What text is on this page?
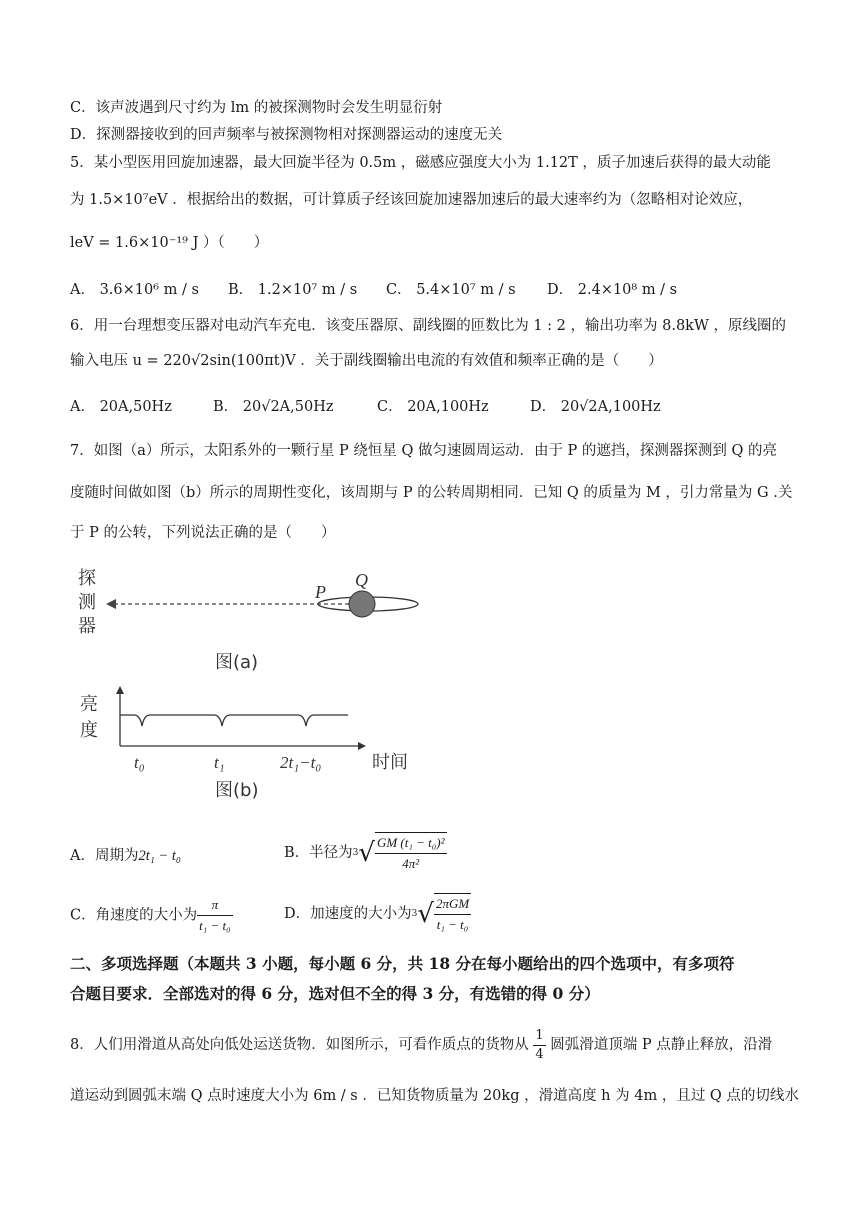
C．该声波遇到尺寸约为 lm 的被探测物时会发生明显衍射
D．探测器接收到的回声频率与被探测物相对探测器运动的速度无关
5．某小型医用回旋加速器，最大回旋半径为 0.5m ，磁感应强度大小为 1.12T ，质子加速后获得的最大动能
为 1.5×10⁷eV ．根据给出的数据，可计算质子经该回旋加速器加速后的最大速率约为（忽略相对论效应，
leV = 1.6×10⁻¹⁹ J ）（　　）
A． 3.6×10⁶ m / s B． 1.2×10⁷ m / s C． 5.4×10⁷ m / s D． 2.4×10⁸ m / s
6．用一台理想变压器对电动汽车充电．该变压器原、副线圈的匝数比为 1 : 2 ，输出功率为 8.8kW ，原线圈的
输入电压 u = 220√2sin(100πt)V ．关于副线圈输出电流的有效值和频率正确的是（　　）
A． 20A,50Hz	B． 20√2A,50Hz	C． 20A,100Hz	D． 20√2A,100Hz
7．如图（a）所示，太阳系外的一颗行星 P 绕恒星 Q 做匀速圆周运动．由于 P 的遮挡，探测器探测到 Q 的亮
度随时间做如图（b）所示的周期性变化，该周期与 P 的公转周期相同．已知 Q 的质量为 M ，引力常量为 G .关
于 P 的公转，下列说法正确的是（　　）
探
测
器
P
Q
图(a)
亮
度
t₀	t₁	2t₁−t₀	时间
图(b)
A．周期为2t₁ − t₀	B．半径为$3√ \frac{\text{GM (t₁ − t₀)²}}{\text{4π²}}$
C．角速度的大小为 $\frac{\pi}{\text{t₁ − t₀}}$	D．加速度的大小为$3√ \frac{\text{2πGM}}{\text{t₁ − t₀}}$
二、多项选择题（本题共 3 小题，每小题 6 分，共 18 分在每小题给出的四个选项中，有多项符
合题目要求．全部选对的得 6 分，选对但不全的得 3 分，有选错的得 0 分）
8．人们用滑道从高处向低处运送货物．如图所示，可看作质点的货物从 $\frac{1}{4}$ 圆弧滑道顶端 P 点静止释放，沿滑
道运动到圆弧末端 Q 点时速度大小为 6m / s ．已知货物质量为 20kg ，滑道高度 h 为 4m ，且过 Q 点的切线水
